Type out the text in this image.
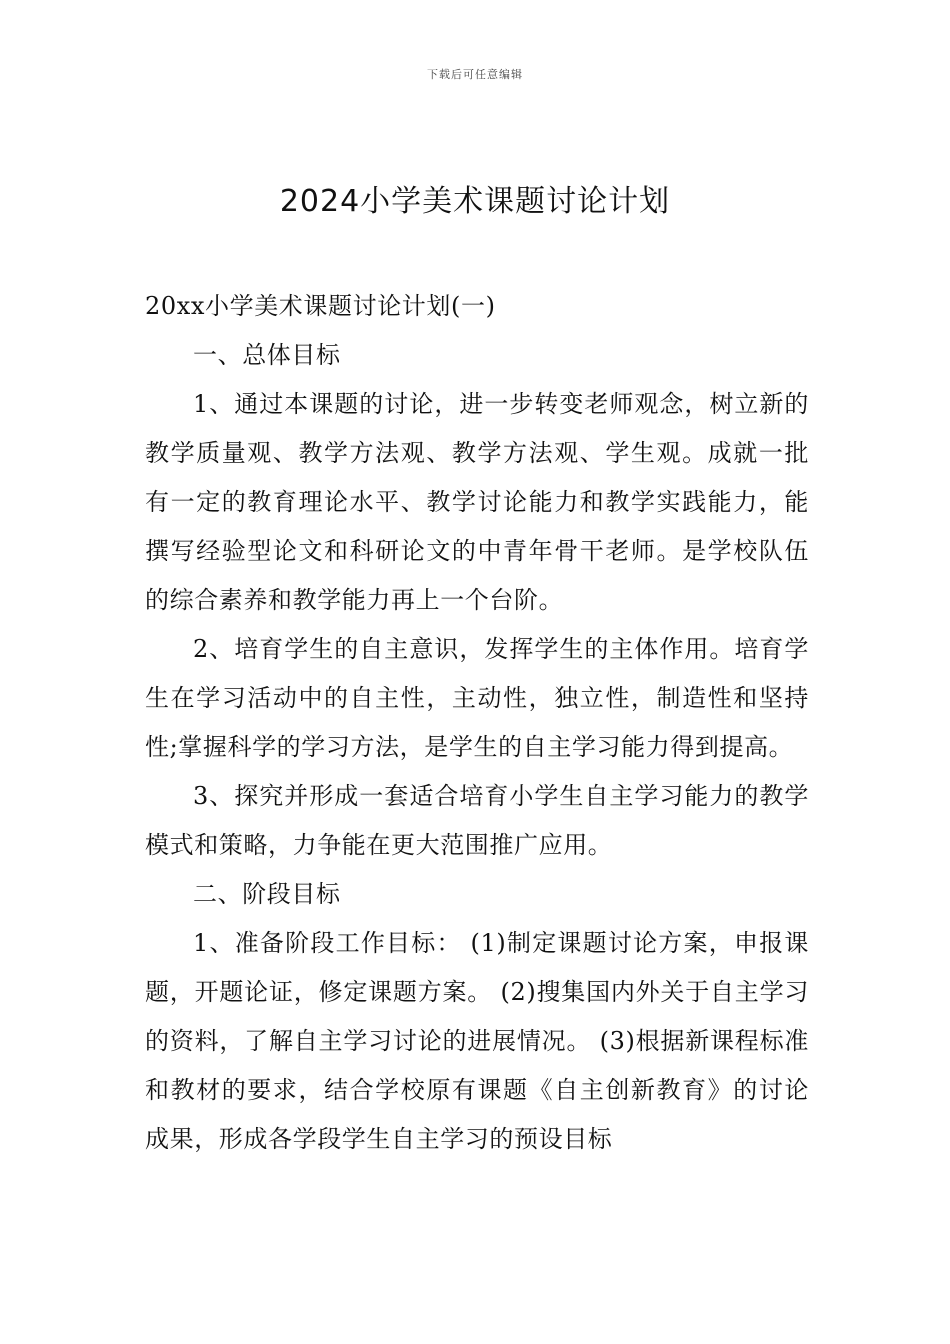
下载后可任意编辑
2024小学美术课题讨论计划

20xx小学美术课题讨论计划(一)

一、总体目标

1、通过本课题的讨论，进一步转变老师观念，树立新的教学质量观、教学方法观、教学方法观、学生观。成就一批有一定的教育理论水平、教学讨论能力和教学实践能力，能撰写经验型论文和科研论文的中青年骨干老师。是学校队伍的综合素养和教学能力再上一个台阶。

2、培育学生的自主意识，发挥学生的主体作用。培育学生在学习活动中的自主性，主动性，独立性，制造性和坚持性;掌握科学的学习方法，是学生的自主学习能力得到提高。

3、探究并形成一套适合培育小学生自主学习能力的教学模式和策略，力争能在更大范围推广应用。

二、阶段目标

1、准备阶段工作目标： (1)制定课题讨论方案，申报课题，开题论证，修定课题方案。 (2)搜集国内外关于自主学习的资料，了解自主学习讨论的进展情况。 (3)根据新课程标准和教材的要求，结合学校原有课题《自主创新教育》的讨论成果，形成各学段学生自主学习的预设目标
